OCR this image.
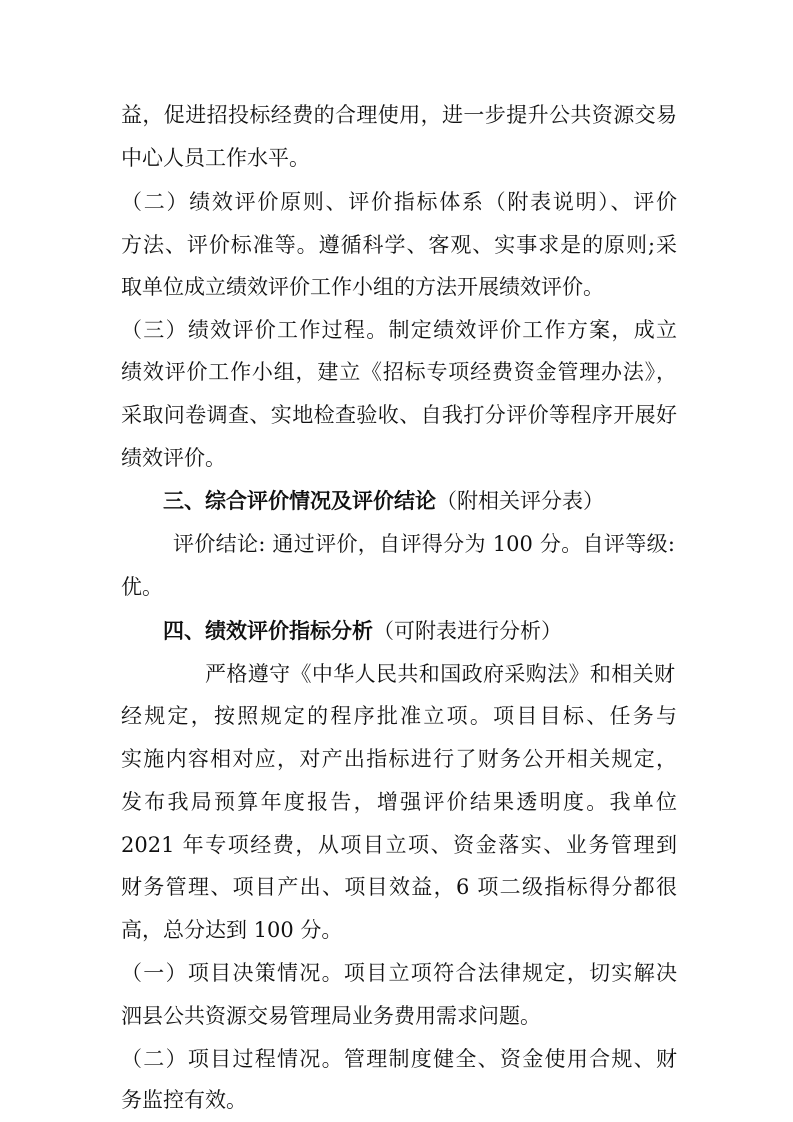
益，促进招投标经费的合理使用，进一步提升公共资源交易
中心人员工作水平。
（二）绩效评价原则、评价指标体系（附表说明）、评价
方法、评价标准等。遵循科学、客观、实事求是的原则;采
取单位成立绩效评价工作小组的方法开展绩效评价。
（三）绩效评价工作过程。制定绩效评价工作方案，成立
绩效评价工作小组，建立《招标专项经费资金管理办法》，
采取问卷调查、实地检查验收、自我打分评价等程序开展好
绩效评价。
三、综合评价情况及评价结论（附相关评分表）
评价结论: 通过评价，自评得分为 100 分。自评等级:
优。
四、绩效评价指标分析（可附表进行分析）
严格遵守《中华人民共和国政府采购法》和相关财
经规定，按照规定的程序批准立项。项目目标、任务与
实施内容相对应，对产出指标进行了财务公开相关规定，
发布我局预算年度报告，增强评价结果透明度。我单位
2021 年专项经费，从项目立项、资金落实、业务管理到
财务管理、项目产出、项目效益，6 项二级指标得分都很
高，总分达到 100 分。
（一）项目决策情况。项目立项符合法律规定，切实解决
泗县公共资源交易管理局业务费用需求问题。
（二）项目过程情况。管理制度健全、资金使用合规、财
务监控有效。
